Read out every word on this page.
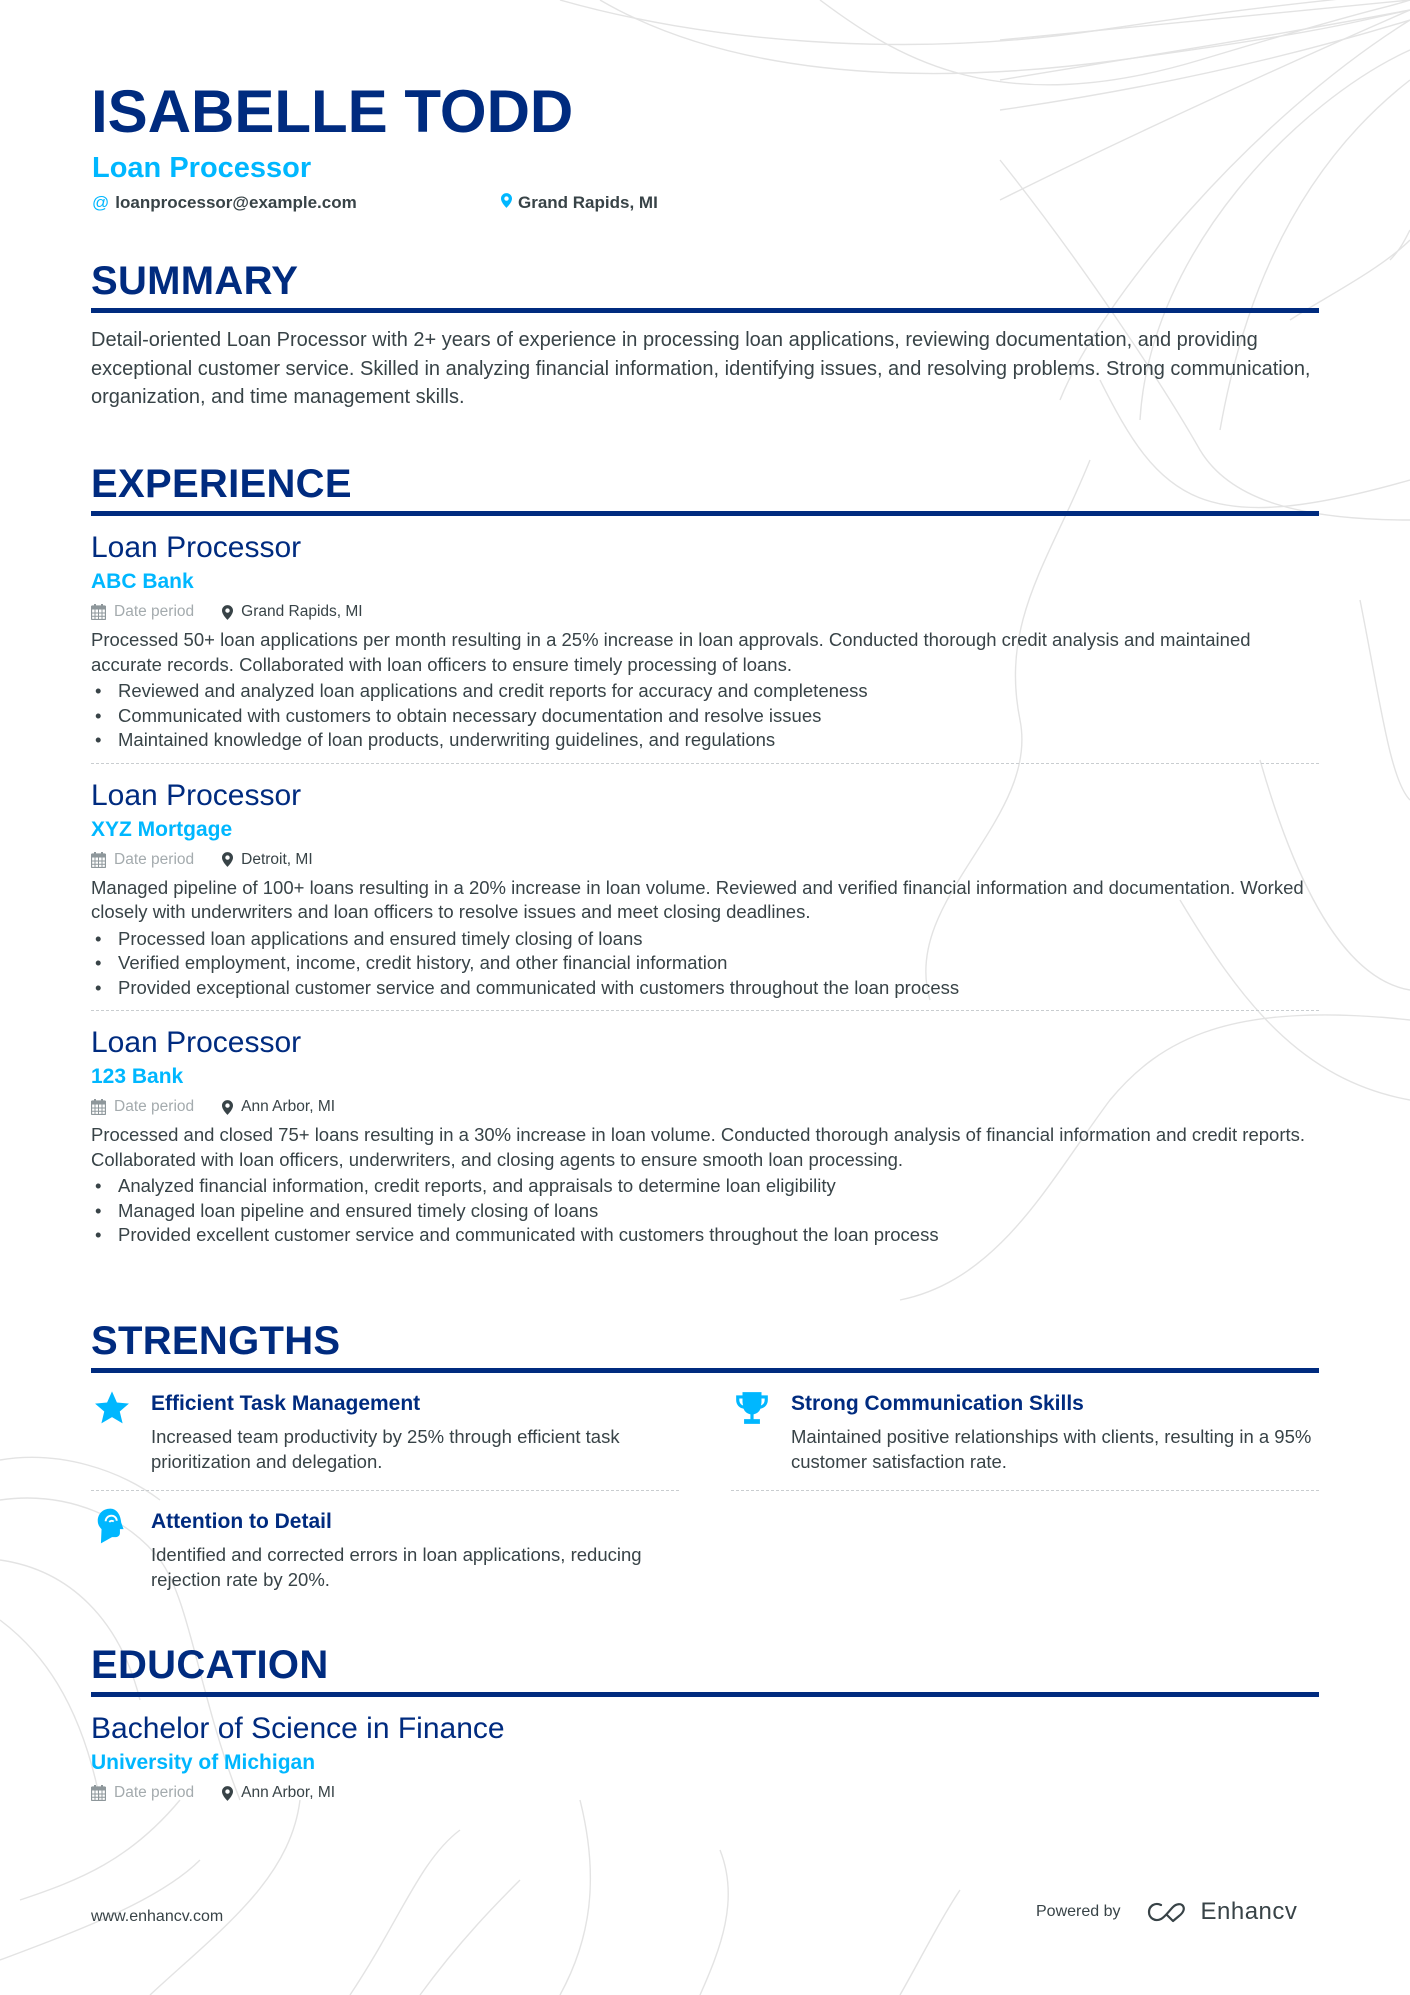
ISABELLE TODD
Loan Processor
@ loanprocessor@example.com	Grand Rapids, MI
SUMMARY
Detail-oriented Loan Processor with 2+ years of experience in processing loan applications, reviewing documentation, and providing exceptional customer service. Skilled in analyzing financial information, identifying issues, and resolving problems. Strong communication, organization, and time management skills.
EXPERIENCE
Loan Processor
ABC Bank
Date period	Grand Rapids, MI
Processed 50+ loan applications per month resulting in a 25% increase in loan approvals. Conducted thorough credit analysis and maintained accurate records. Collaborated with loan officers to ensure timely processing of loans.
• Reviewed and analyzed loan applications and credit reports for accuracy and completeness
• Communicated with customers to obtain necessary documentation and resolve issues
• Maintained knowledge of loan products, underwriting guidelines, and regulations
Loan Processor
XYZ Mortgage
Date period	Detroit, MI
Managed pipeline of 100+ loans resulting in a 20% increase in loan volume. Reviewed and verified financial information and documentation. Worked closely with underwriters and loan officers to resolve issues and meet closing deadlines.
• Processed loan applications and ensured timely closing of loans
• Verified employment, income, credit history, and other financial information
• Provided exceptional customer service and communicated with customers throughout the loan process
Loan Processor
123 Bank
Date period	Ann Arbor, MI
Processed and closed 75+ loans resulting in a 30% increase in loan volume. Conducted thorough analysis of financial information and credit reports. Collaborated with loan officers, underwriters, and closing agents to ensure smooth loan processing.
• Analyzed financial information, credit reports, and appraisals to determine loan eligibility
• Managed loan pipeline and ensured timely closing of loans
• Provided excellent customer service and communicated with customers throughout the loan process
STRENGTHS
Efficient Task Management
Increased team productivity by 25% through efficient task prioritization and delegation.
Strong Communication Skills
Maintained positive relationships with clients, resulting in a 95% customer satisfaction rate.
Attention to Detail
Identified and corrected errors in loan applications, reducing rejection rate by 20%.
EDUCATION
Bachelor of Science in Finance
University of Michigan
Date period	Ann Arbor, MI
www.enhancv.com	Powered by	Enhancv
